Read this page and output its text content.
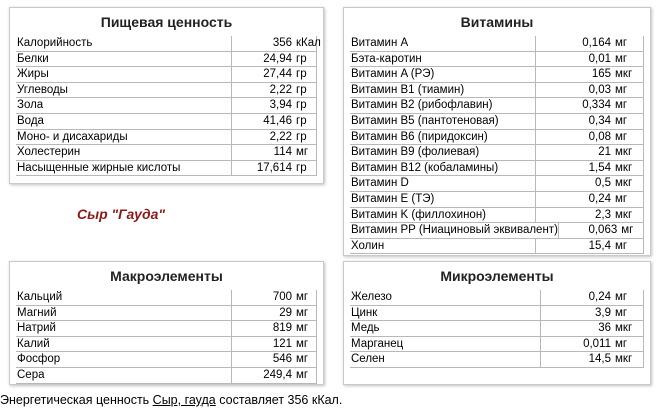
Пищевая ценность
Калорийность	356 кКал
Белки	24,94 гр
Жиры	27,44 гр
Углеводы	2,22 гр
Зола	3,94 гр
Вода	41,46 гр
Моно- и дисахариды	2,22 гр
Холестерин	114 мг
Насыщенные жирные кислоты	17,614 гр
Витамины
Витамин A	0,164 мг
Бэта-каротин	0,01 мг
Витамин A (РЭ)	165 мкг
Витамин B1 (тиамин)	0,03 мг
Витамин B2 (рибофлавин)	0,334 мг
Витамин B5 (пантотеновая)	0,34 мг
Витамин B6 (пиридоксин)	0,08 мг
Витамин B9 (фолиевая)	21 мкг
Витамин B12 (кобаламины)	1,54 мкг
Витамин D	0,5 мкг
Витамин E (ТЭ)	0,24 мг
Витамин K (филлохинон)	2,3 мкг
Витамин PP (Ниациновый эквивалент)	0,063 мг
Холин	15,4 мг
Сыр "Гауда"
Макроэлементы
Кальций	700 мг
Магний	29 мг
Натрий	819 мг
Калий	121 мг
Фосфор	546 мг
Сера	249,4 мг
Микроэлементы
Железо	0,24 мг
Цинк	3,9 мг
Медь	36 мкг
Марганец	0,011 мг
Селен	14,5 мкг
Энергетическая ценность Сыр, гауда составляет 356 кКал.
